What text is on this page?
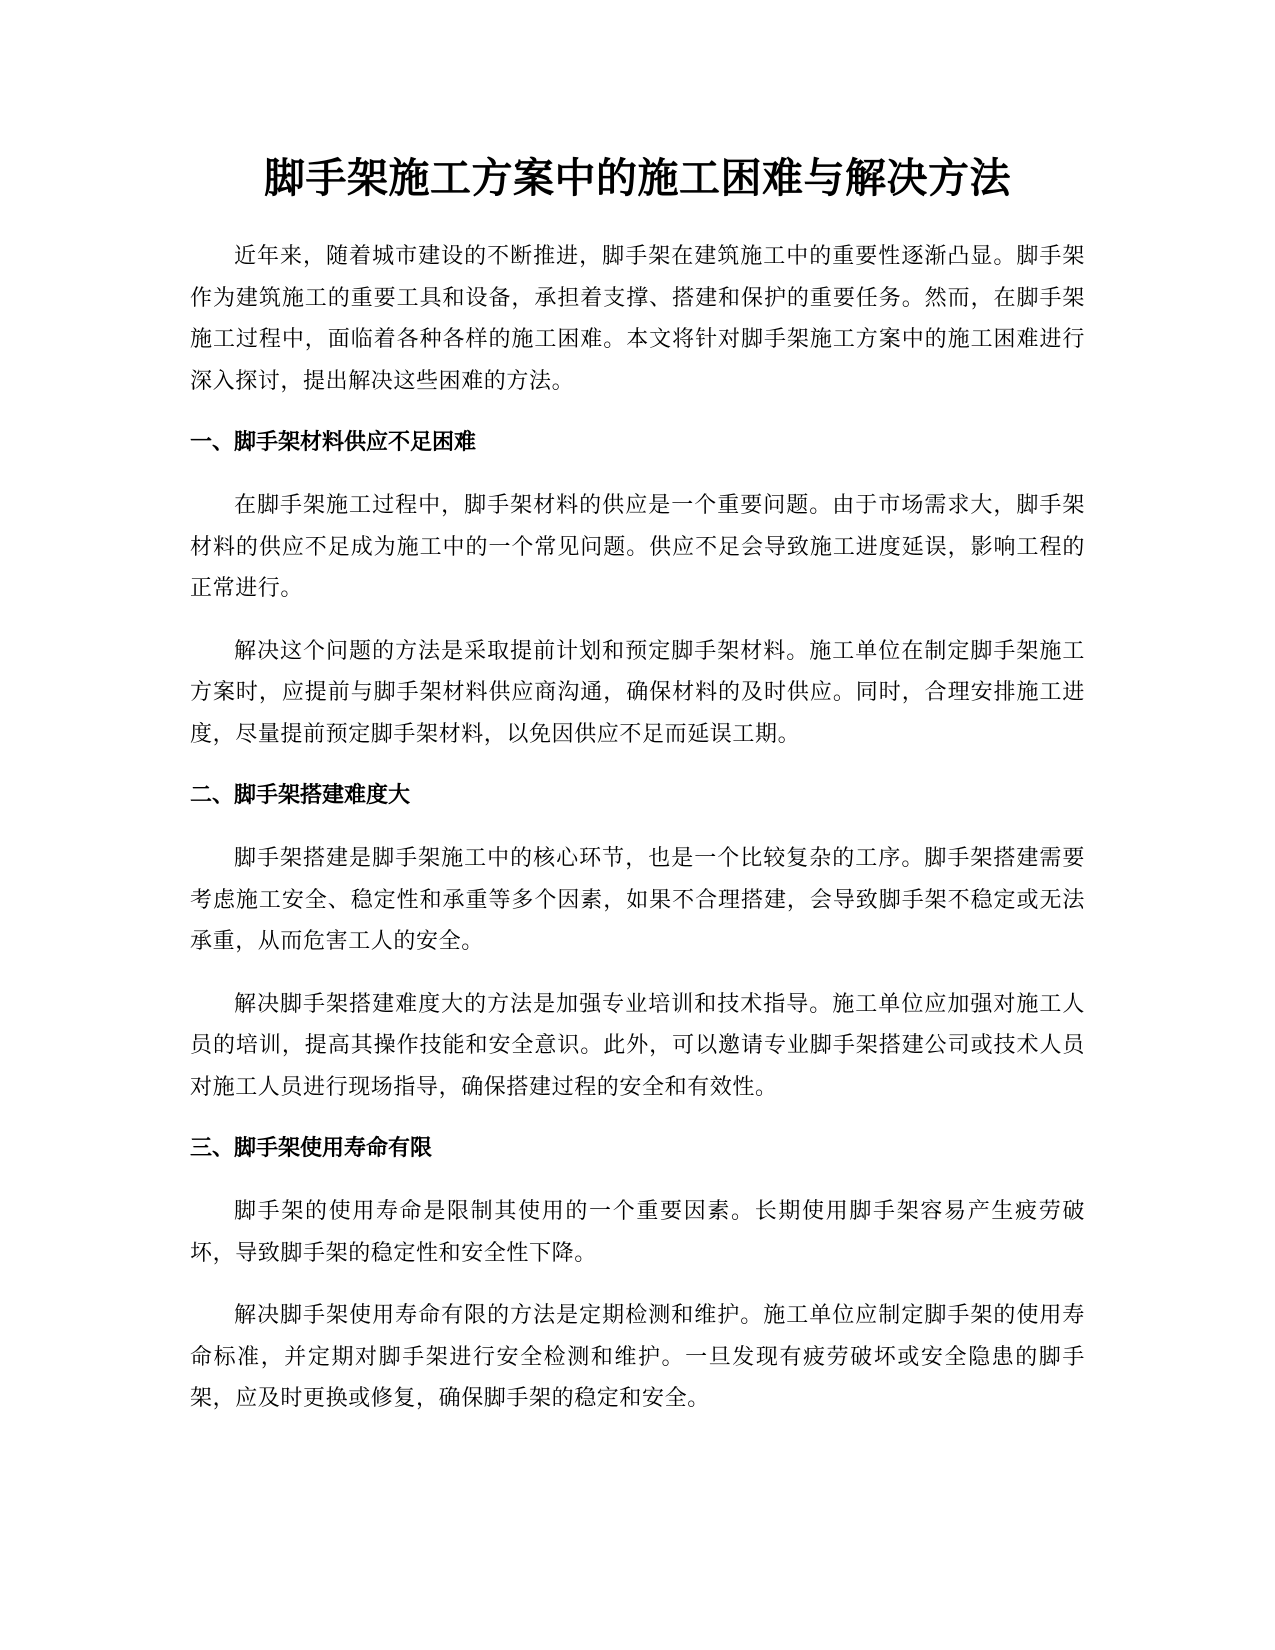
脚手架施工方案中的施工困难与解决方法

近年来，随着城市建设的不断推进，脚手架在建筑施工中的重要性逐渐凸显。脚手架作为建筑施工的重要工具和设备，承担着支撑、搭建和保护的重要任务。然而，在脚手架施工过程中，面临着各种各样的施工困难。本文将针对脚手架施工方案中的施工困难进行深入探讨，提出解决这些困难的方法。

一、脚手架材料供应不足困难

在脚手架施工过程中，脚手架材料的供应是一个重要问题。由于市场需求大，脚手架材料的供应不足成为施工中的一个常见问题。供应不足会导致施工进度延误，影响工程的正常进行。

解决这个问题的方法是采取提前计划和预定脚手架材料。施工单位在制定脚手架施工方案时，应提前与脚手架材料供应商沟通，确保材料的及时供应。同时，合理安排施工进度，尽量提前预定脚手架材料，以免因供应不足而延误工期。

二、脚手架搭建难度大

脚手架搭建是脚手架施工中的核心环节，也是一个比较复杂的工序。脚手架搭建需要考虑施工安全、稳定性和承重等多个因素，如果不合理搭建，会导致脚手架不稳定或无法承重，从而危害工人的安全。

解决脚手架搭建难度大的方法是加强专业培训和技术指导。施工单位应加强对施工人员的培训，提高其操作技能和安全意识。此外，可以邀请专业脚手架搭建公司或技术人员对施工人员进行现场指导，确保搭建过程的安全和有效性。

三、脚手架使用寿命有限

脚手架的使用寿命是限制其使用的一个重要因素。长期使用脚手架容易产生疲劳破坏，导致脚手架的稳定性和安全性下降。

解决脚手架使用寿命有限的方法是定期检测和维护。施工单位应制定脚手架的使用寿命标准，并定期对脚手架进行安全检测和维护。一旦发现有疲劳破坏或安全隐患的脚手架，应及时更换或修复，确保脚手架的稳定和安全。
